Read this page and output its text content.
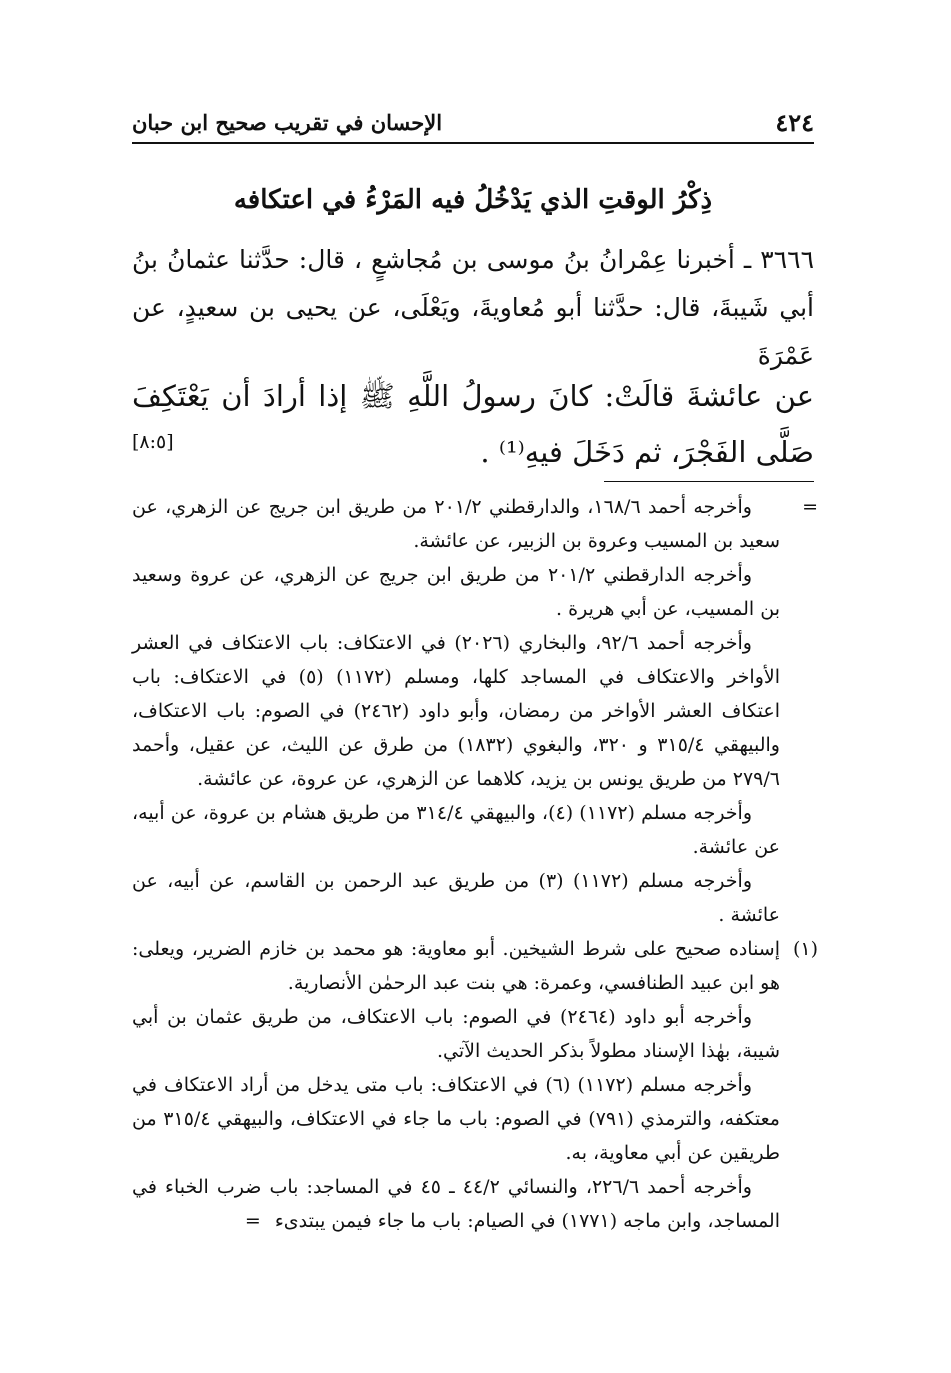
٤٢٤
الإحسان في تقريب صحيح ابن حبان
ذِكْرُ الوقتِ الذي يَدْخُلُ فيه المَرْءُ في اعتكافه
٣٦٦٦ ـ أخبرنا عِمْرانُ بنُ موسى بن مُجاشعٍ ، قال: حدَّثنا عثمانُ بنُ أبي شَيبةَ، قال: حدَّثنا أبو مُعاويةَ، ويَعْلَى، عن يحيى بن سعيدٍ، عن عَمْرَةَ
عن عائشةَ قالَتْ: كانَ رسولُ اللَّهِ ﷺ إذا أرادَ أن يَعْتَكِفَ صَلَّى الفَجْرَ، ثم دَخَلَ فيهِ⁽¹⁾ .
[٨:٥]
=
وأخرجه أحمد ١٦٨/٦، والدارقطني ٢٠١/٢ من طريق ابن جريج عن الزهري، عن سعيد بن المسيب وعروة بن الزبير، عن عائشة.
وأخرجه الدارقطني ٢٠١/٢ من طريق ابن جريج عن الزهري، عن عروة وسعيد بن المسيب، عن أبي هريرة .
وأخرجه أحمد ٩٢/٦، والبخاري (٢٠٢٦) في الاعتكاف: باب الاعتكاف في العشر الأواخر والاعتكاف في المساجد كلها، ومسلم (١١٧٢) (٥) في الاعتكاف: باب اعتكاف العشر الأواخر من رمضان، وأبو داود (٢٤٦٢) في الصوم: باب الاعتكاف، والبيهقي ٣١٥/٤ و ٣٢٠، والبغوي (١٨٣٢) من طرق عن الليث، عن عقيل، وأحمد ٢٧٩/٦ من طريق يونس بن يزيد، كلاهما عن الزهري، عن عروة، عن عائشة.
وأخرجه مسلم (١١٧٢) (٤)، والبيهقي ٣١٤/٤ من طريق هشام بن عروة، عن أبيه، عن عائشة.
وأخرجه مسلم (١١٧٢) (٣) من طريق عبد الرحمن بن القاسم، عن أبيه، عن عائشة .
(١)
إسناده صحيح على شرط الشيخين. أبو معاوية: هو محمد بن خازم الضرير، ويعلى: هو ابن عبيد الطنافسي، وعمرة: هي بنت عبد الرحمٰن الأنصارية.
وأخرجه أبو داود (٢٤٦٤) في الصوم: باب الاعتكاف، من طريق عثمان بن أبي شيبة، بهٰذا الإسناد مطولاً بذكر الحديث الآتي.
وأخرجه مسلم (١١٧٢) (٦) في الاعتكاف: باب متى يدخل من أراد الاعتكاف في معتكفه، والترمذي (٧٩١) في الصوم: باب ما جاء في الاعتكاف، والبيهقي ٣١٥/٤ من طريقين عن أبي معاوية، به.
وأخرجه أحمد ٢٢٦/٦، والنسائي ٤٤/٢ ـ ٤٥ في المساجد: باب ضرب الخباء في المساجد، وابن ماجه (١٧٧١) في الصيام: باب ما جاء فيمن يبتدىء =
